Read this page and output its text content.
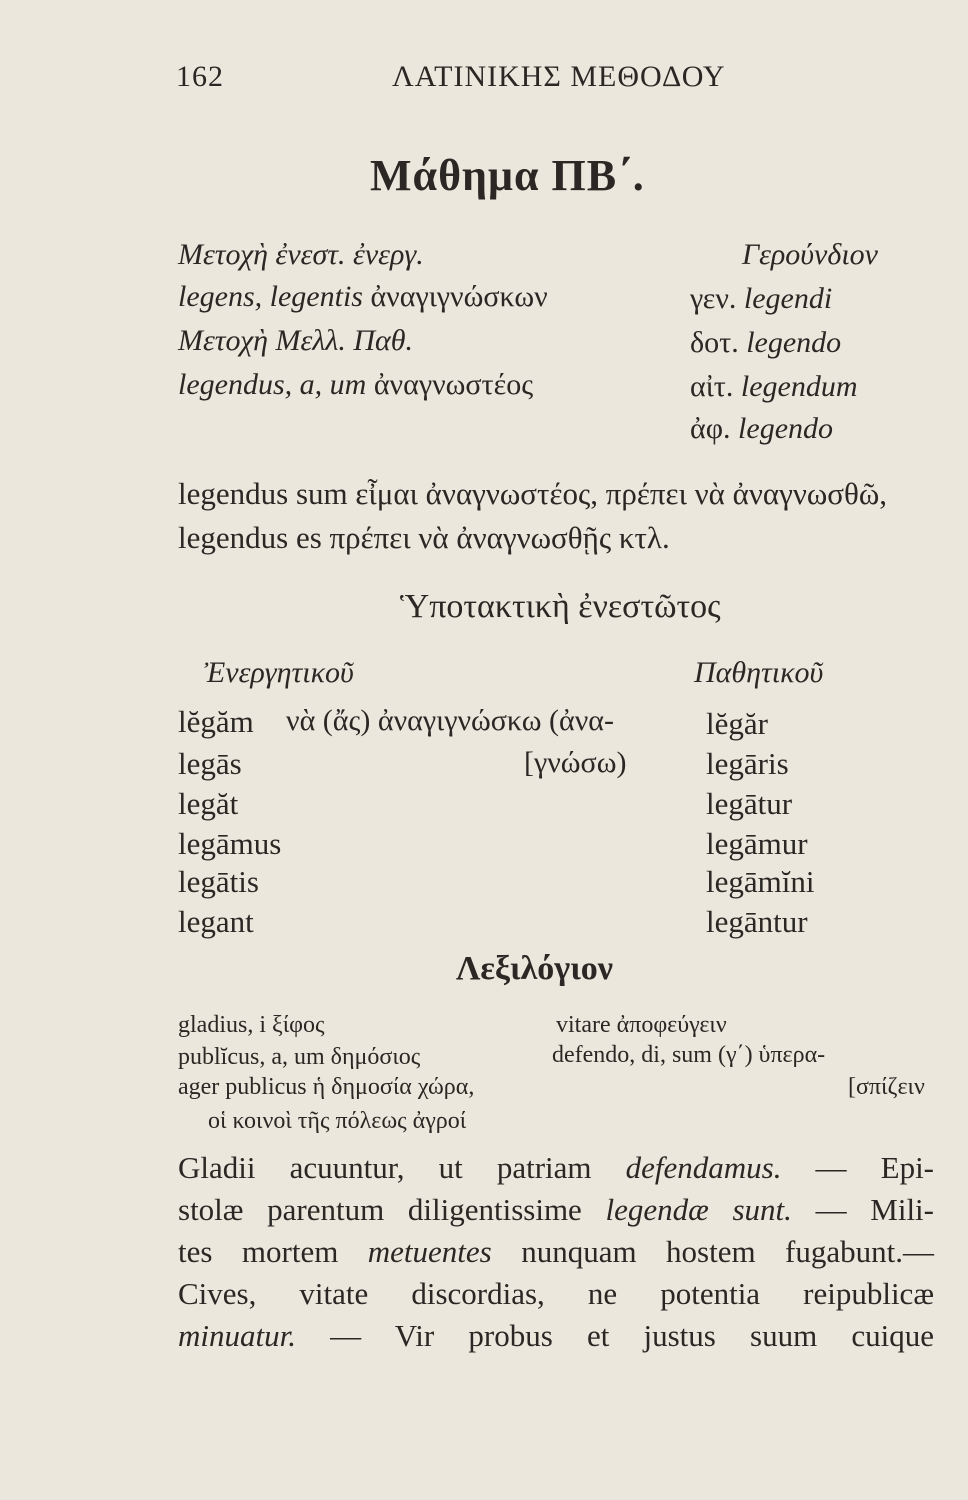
162	ΛΑΤΙΝΙΚΗΣ ΜΕΘΟΔΟΥ
Μάθημα ΠΒ΄.
Μετοχὴ ἐνεστ. ἐνεργ.
legens, legentis ἀναγιγνώσκων
Μετοχὴ Μελλ. Παθ.
legendus, a, um ἀναγνωστέος
Γερούνδιον
γεν. legendi
δοτ. legendo
αἰτ. legendum
ἀφ. legendo
legendus sum εἶμαι ἀναγνωστέος, πρέπει νὰ ἀναγνωσθῶ,
legendus es πρέπει νὰ ἀναγνωσθῇς κτλ.
Ὑποτακτικὴ ἐνεστῶτος
Ἐνεργητικοῦ	Παθητικοῦ
lĕgăm
legās
legăt
legāmus
legātis
legant
νὰ (ἄς) ἀναγιγνώσκω (ἀνα-
[γνώσω)
lĕgăr
legāris
legātur
legāmur
legāmĭni
legāntur
Λεξιλόγιον
gladius, i ξίφος
publĭcus, a, um δημόσιος
ager publicus ἡ δημοσία χώρα,
οἱ κοινοὶ τῆς πόλεως ἀγροί
vitare ἀποφεύγειν
defendo, di, sum (γ΄) ὑπερα-
[σπίζειν
Gladii acuuntur, ut patriam defendamus. — Epi-
stolæ parentum diligentissime legendæ sunt. — Mili-
tes mortem metuentes nunquam hostem fugabunt.—
Cives, vitate discordias, ne potentia reipublicæ
minuatur. — Vir probus et justus suum cuique
